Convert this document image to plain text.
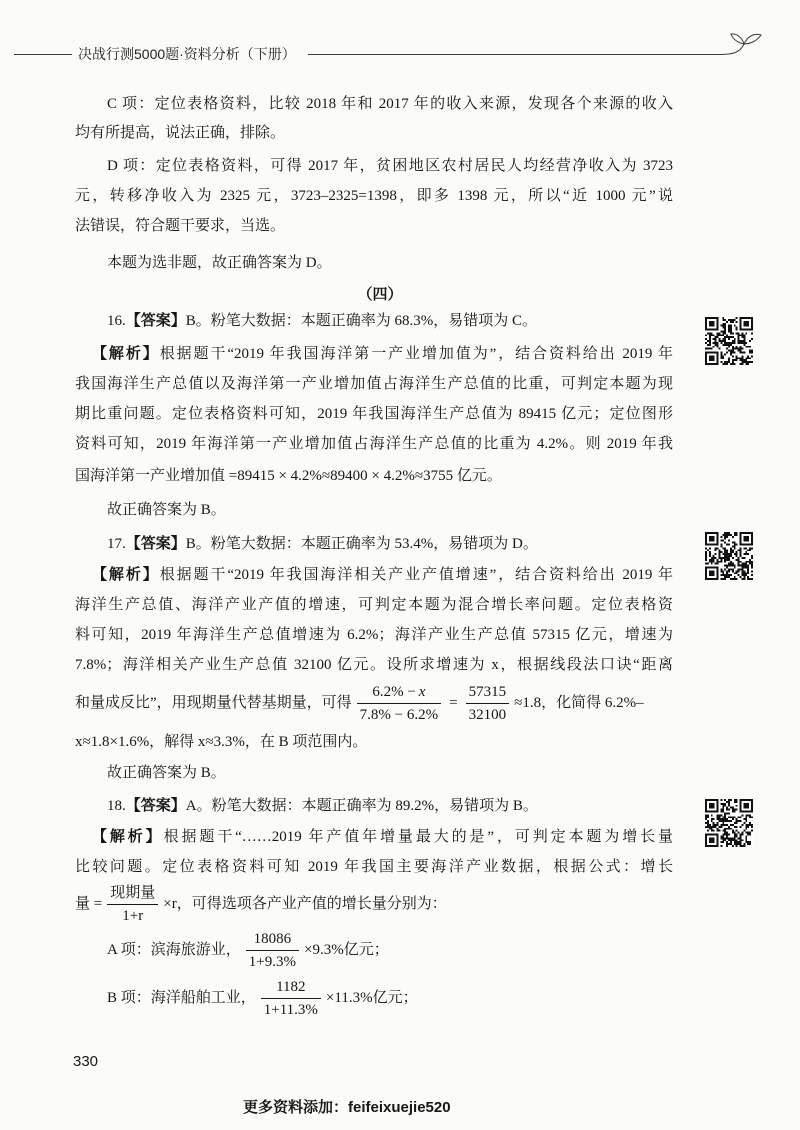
决战行测5000题·资料分析（下册）
C 项：定位表格资料，比较 2018 年和 2017 年的收入来源，发现各个来源的收入
均有所提高，说法正确，排除。
D 项：定位表格资料，可得 2017 年，贫困地区农村居民人均经营净收入为 3723
元，转移净收入为 2325 元，3723–2325=1398，即多 1398 元，所以“近 1000 元”说
法错误，符合题干要求，当选。
本题为选非题，故正确答案为 D。
（四）
16.【答案】B。粉笔大数据：本题正确率为 68.3%，易错项为 C。
【解析】根据题干“2019 年我国海洋第一产业增加值为”，结合资料给出 2019 年
我国海洋生产总值以及海洋第一产业增加值占海洋生产总值的比重，可判定本题为现
期比重问题。定位表格资料可知，2019 年我国海洋生产总值为 89415 亿元；定位图形
资料可知，2019 年海洋第一产业增加值占海洋生产总值的比重为 4.2%。则 2019 年我
国海洋第一产业增加值 =89415 × 4.2%≈89400 × 4.2%≈3755 亿元。
故正确答案为 B。
17.【答案】B。粉笔大数据：本题正确率为 53.4%，易错项为 D。
【解析】根据题干“2019 年我国海洋相关产业产值增速”，结合资料给出 2019 年
海洋生产总值、海洋产业产值的增速，可判定本题为混合增长率问题。定位表格资
料可知，2019 年海洋生产总值增速为 6.2%；海洋产业生产总值 57315 亿元，增速为
7.8%；海洋相关产业生产总值 32100 亿元。设所求增速为 x，根据线段法口诀“距离
和量成反比”，用现期量代替基期量，可得 $\frac{6.2\% - x}{7.8\% - 6.2\%} = \frac{57315}{32100} \approx 1.8$，化简得 6.2%–
x≈1.8×1.6%，解得 x≈3.3%，在 B 项范围内。
故正确答案为 B。
18.【答案】A。粉笔大数据：本题正确率为 89.2%，易错项为 B。
【解析】根据题干“……2019 年产值年增量最大的是”，可判定本题为增长量
比较问题。定位表格资料可知 2019 年我国主要海洋产业数据，根据公式：增长
量 = $\frac{\text{现期量}}{1+r} \times r$，可得选项各产业产值的增长量分别为：
A 项：滨海旅游业， $\frac{18086}{1+9.3\%} \times 9.3\%$亿元；
B 项：海洋船舶工业， $\frac{1182}{1+11.3\%} \times 11.3\%$亿元；
330
更多资料添加：feifeixuejie520
